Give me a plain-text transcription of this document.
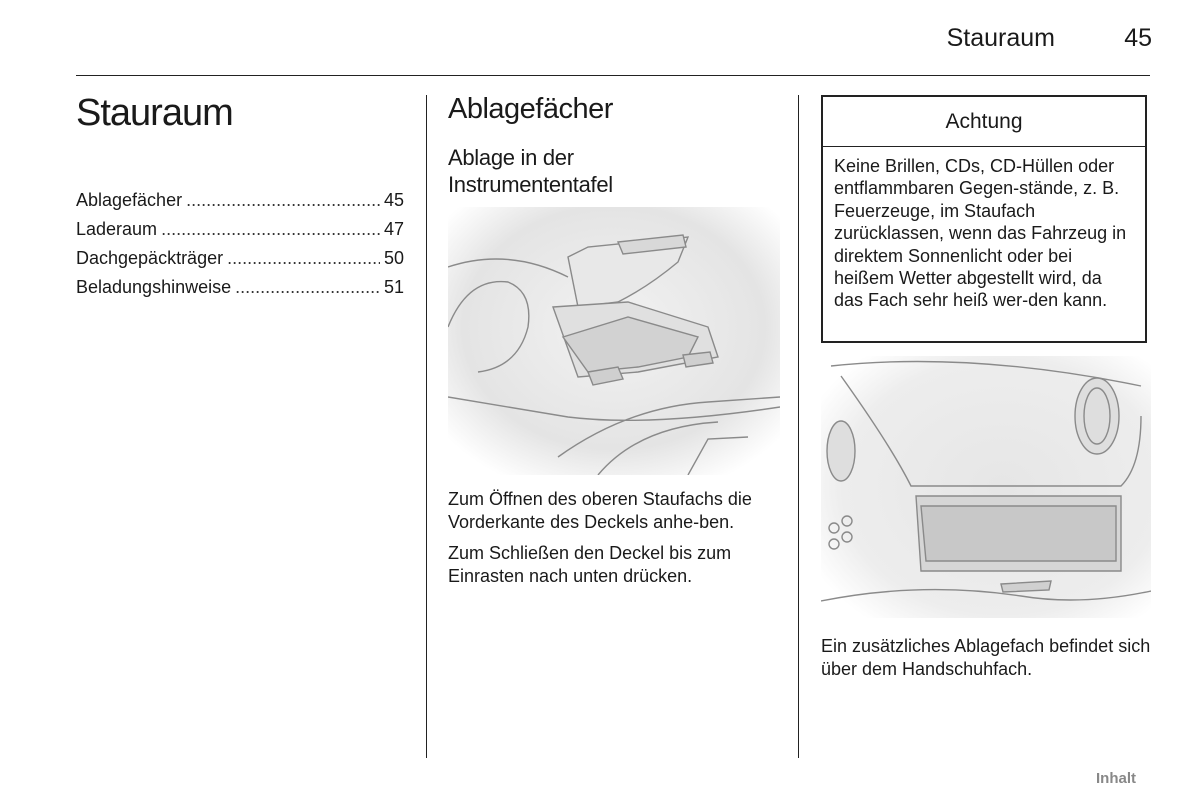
Stauraum	45
Stauraum
Ablagefächer .....	45
Laderaum .....	47
Dachgepäckträger .....	50
Beladungshinweise .....	51
Ablagefächer
Ablage in der
Instrumententafel

Zum Öffnen des oberen Staufachs die Vorderkante des Deckels anhe-ben.

Zum Schließen den Deckel bis zum Einrasten nach unten drücken.

Achtung
Keine Brillen, CDs, CD-Hüllen oder entflammbaren Gegen-stände, z. B. Feuerzeuge, im Staufach zurücklassen, wenn das Fahrzeug in direktem Sonnenlicht oder bei heißem Wetter abgestellt wird, da das Fach sehr heiß wer-den kann.
Ein zusätzliches Ablagefach befindet sich über dem Handschuhfach.
Inhalt
